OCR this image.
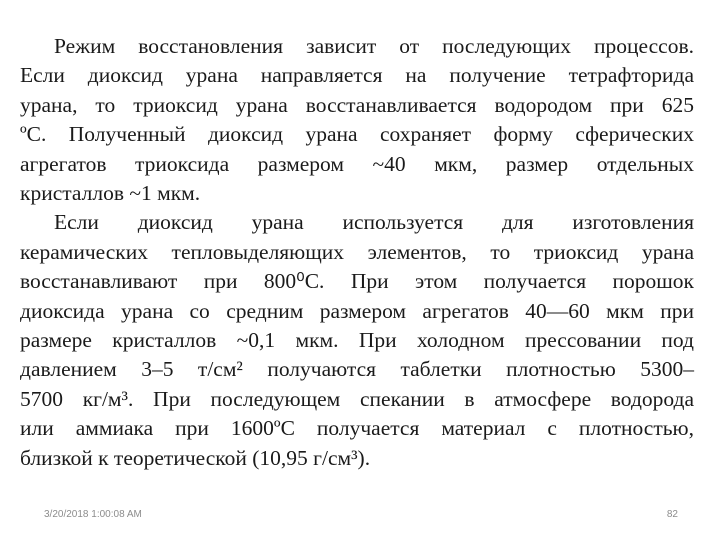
Режим восстановления зависит от последующих процессов.
Если диоксид урана направляется на получение тетрафторида
урана, то триоксид урана восстанавливается водородом при 625
ºС. Полученный диоксид урана сохраняет форму сферических
агрегатов триоксида размером ~40 мкм, размер отдельных
кристаллов ~1 мкм.
Если диоксид урана используется для изготовления
керамических тепловыделяющих элементов, то триоксид урана
восстанавливают при 800⁰С. При этом получается порошок
диоксида урана со средним размером агрегатов 40—60 мкм при
размере кристаллов ~0,1 мкм. При холодном прессовании под
давлением 3–5 т/см² получаются таблетки плотностью 5300–
5700 кг/м³. При последующем спекании в атмосфере водорода
или аммиака при 1600ºС получается материал с плотностью,
близкой к теоретической (10,95 г/см³).
3/20/2018 1:00:08 AM	82
